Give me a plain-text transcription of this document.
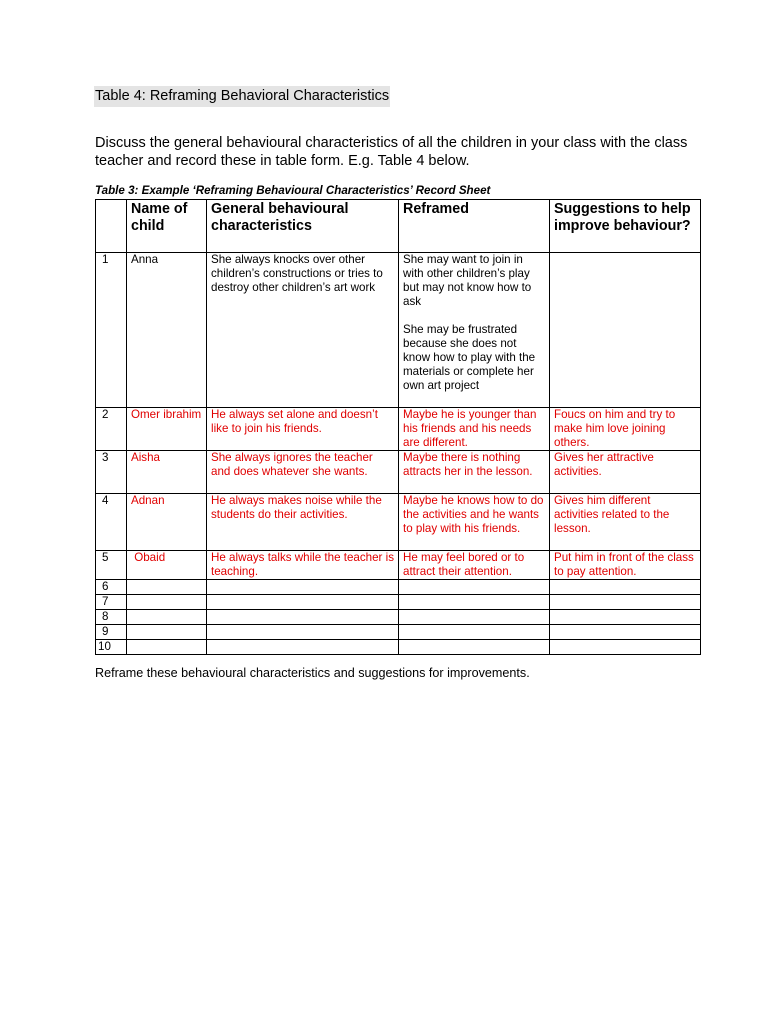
Table 4: Reframing Behavioral Characteristics
Discuss the general behavioural characteristics of all the children in your class with the class teacher and record these in table form. E.g. Table 4 below.
Table 3: Example ‘Reframing Behavioural Characteristics’ Record Sheet
	Name of child	General behavioural characteristics	Reframed	Suggestions to help improve behaviour?
1	Anna	She always knocks over other children’s constructions or tries to destroy other children’s art work	She may want to join in with other children’s play but may not know how to ask
She may be frustrated because she does not know how to play with the materials or complete her own art project	
2	Omer ibrahim	He always set alone and doesn’t like to join his friends.	Maybe he is younger than his friends and his needs are different.	Foucs on him and try to make him love joining others.
3	Aisha	She always ignores the teacher and does whatever she wants.	Maybe there is nothing attracts her in the lesson.	Gives her attractive activities.
4	Adnan	He always makes noise while the students do their activities.	Maybe he knows how to do the activities and he wants to play with his friends.	Gives him different activities related to the lesson.
5	Obaid	He always talks while the teacher is teaching.	He may feel bored or to attract their attention.	Put him in front of the class to pay attention.
6				
7				
8				
9				
10				
Reframe these behavioural characteristics and suggestions for improvements.
